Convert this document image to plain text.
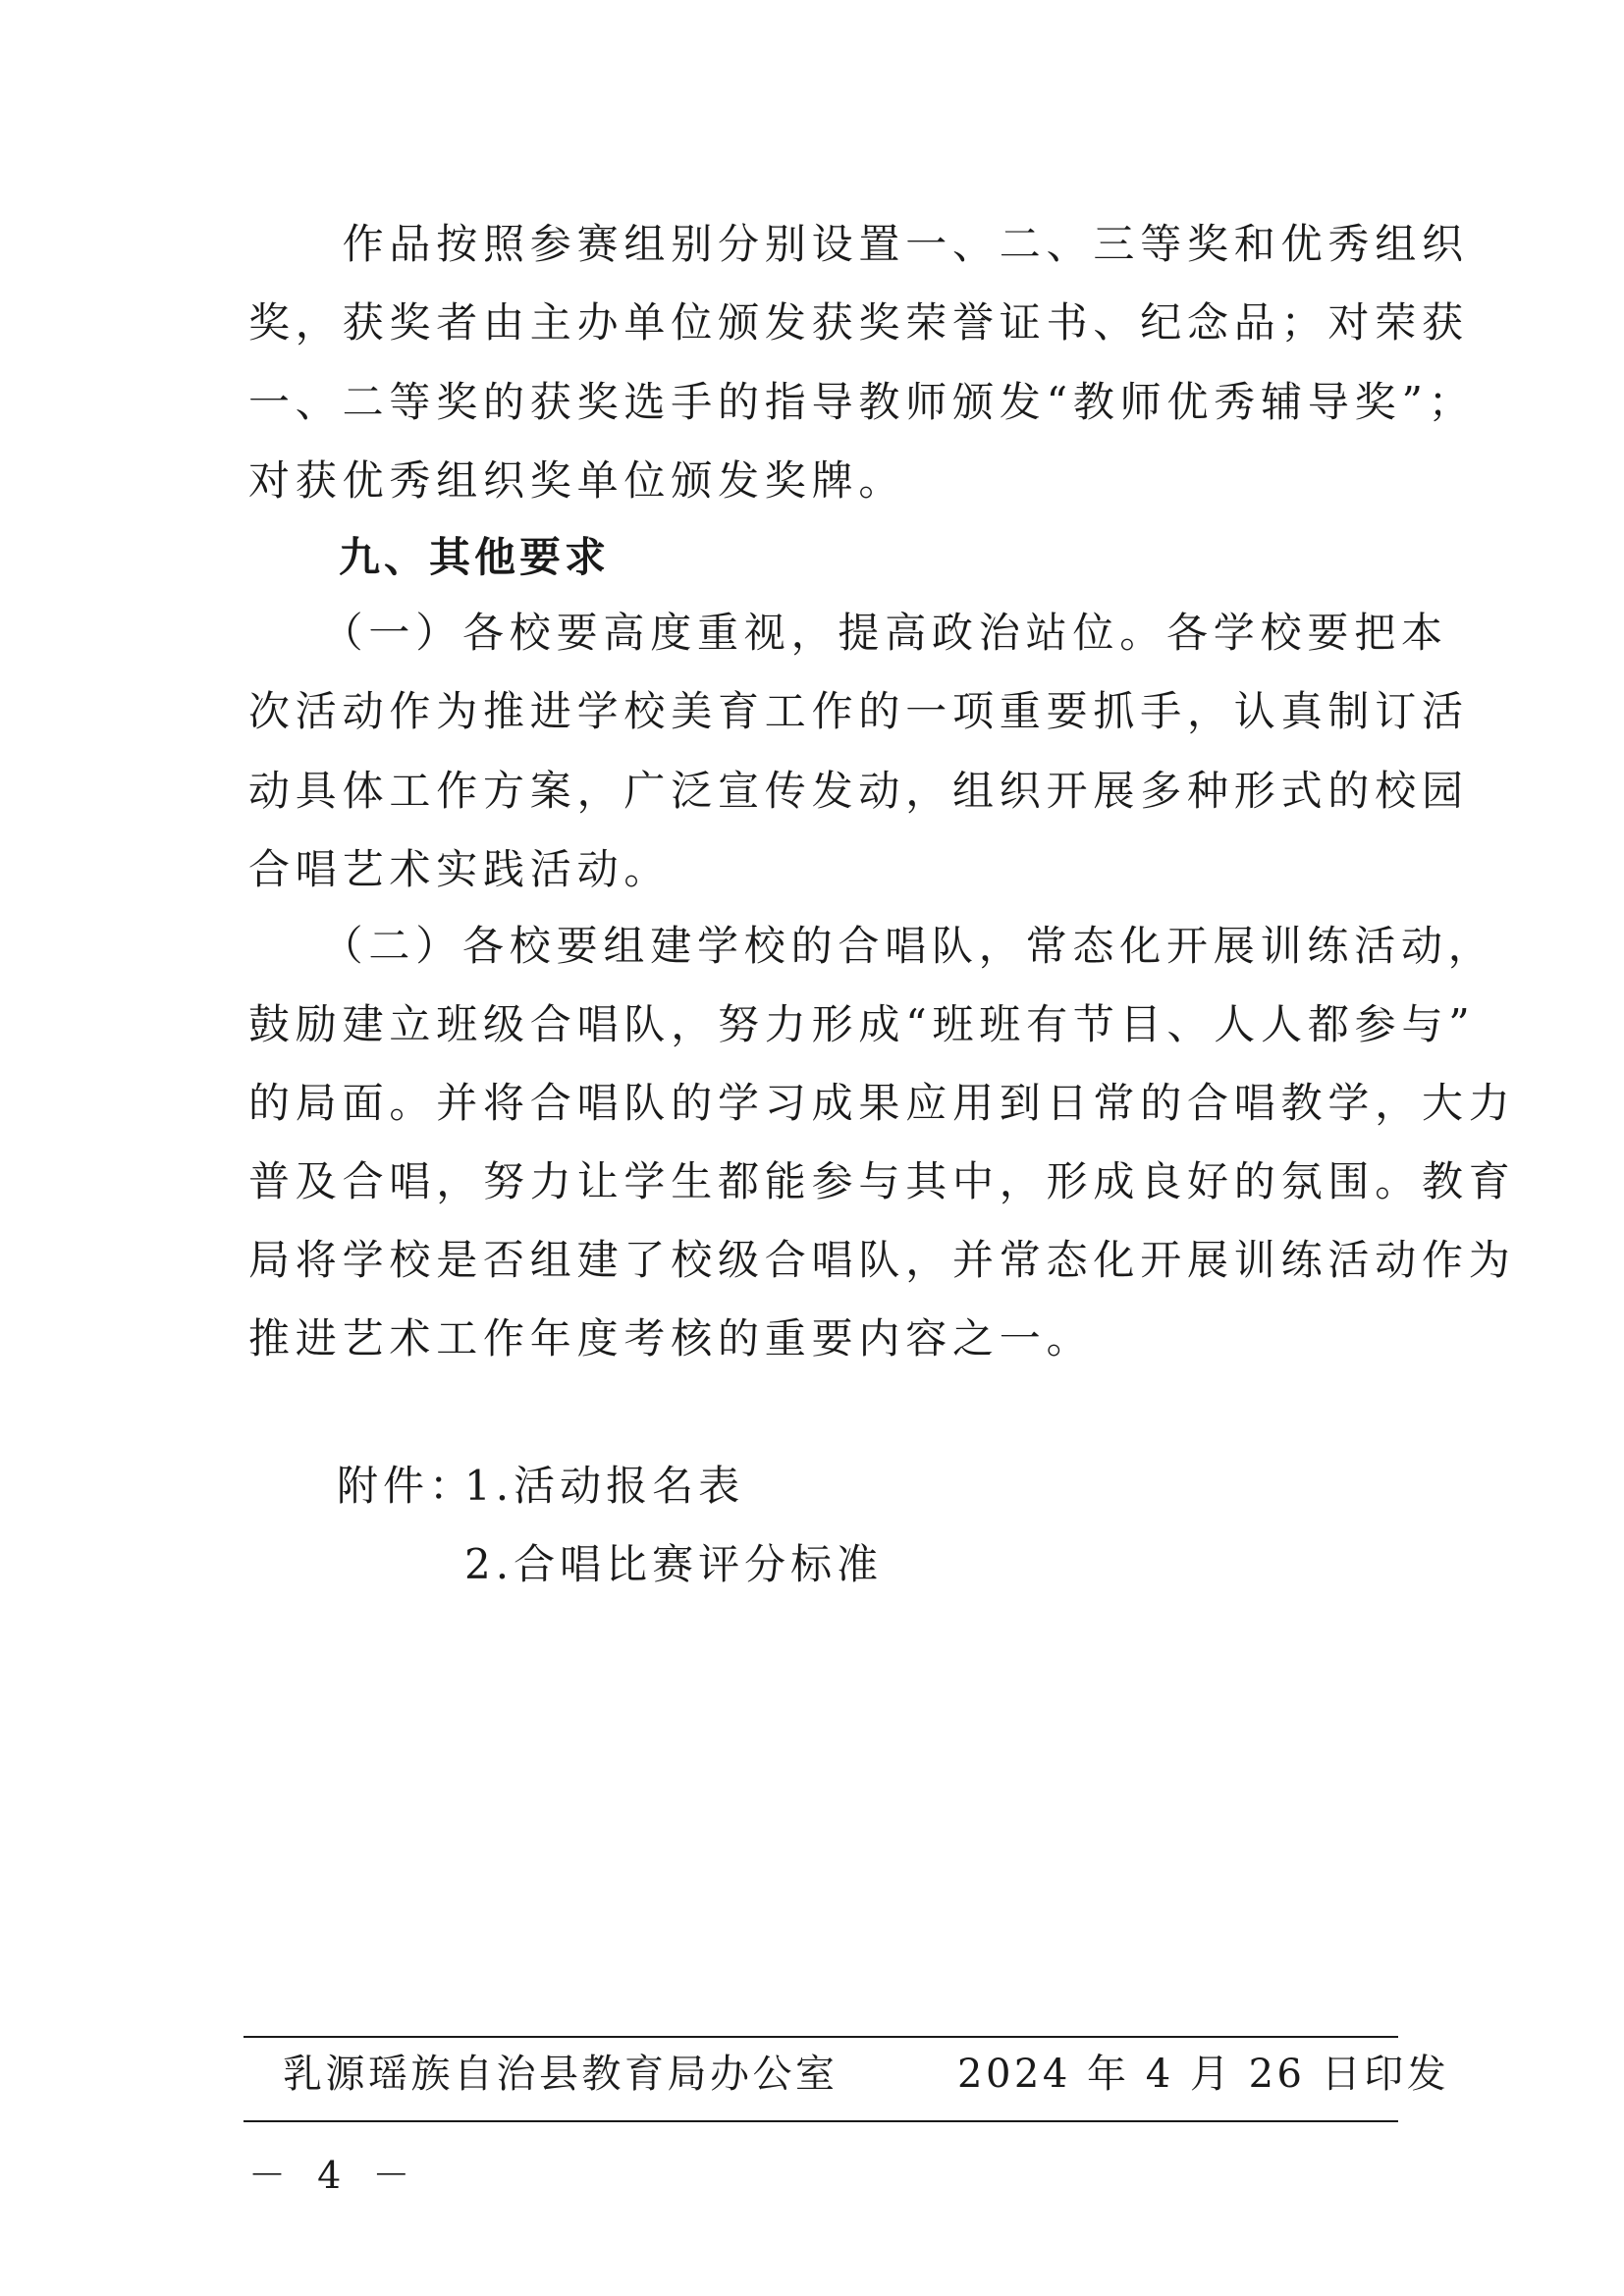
　　作品按照参赛组别分别设置一、二、三等奖和优秀组织
奖，获奖者由主办单位颁发获奖荣誉证书、纪念品；对荣获
一、二等奖的获奖选手的指导教师颁发“教师优秀辅导奖”；
对获优秀组织奖单位颁发奖牌。
　　九、其他要求
　　（一）各校要高度重视，提高政治站位。各学校要把本
次活动作为推进学校美育工作的一项重要抓手，认真制订活
动具体工作方案，广泛宣传发动，组织开展多种形式的校园
合唱艺术实践活动。
　　（二）各校要组建学校的合唱队，常态化开展训练活动，
鼓励建立班级合唱队，努力形成“班班有节目、人人都参与”
的局面。并将合唱队的学习成果应用到日常的合唱教学，大力
普及合唱，努力让学生都能参与其中，形成良好的氛围。教育
局将学校是否组建了校级合唱队，并常态化开展训练活动作为
推进艺术工作年度考核的重要内容之一。
附件：
1.活动报名表
2.合唱比赛评分标准
乳源瑶族自治县教育局办公室	2024 年 4 月 26 日印发
－ 4 －
